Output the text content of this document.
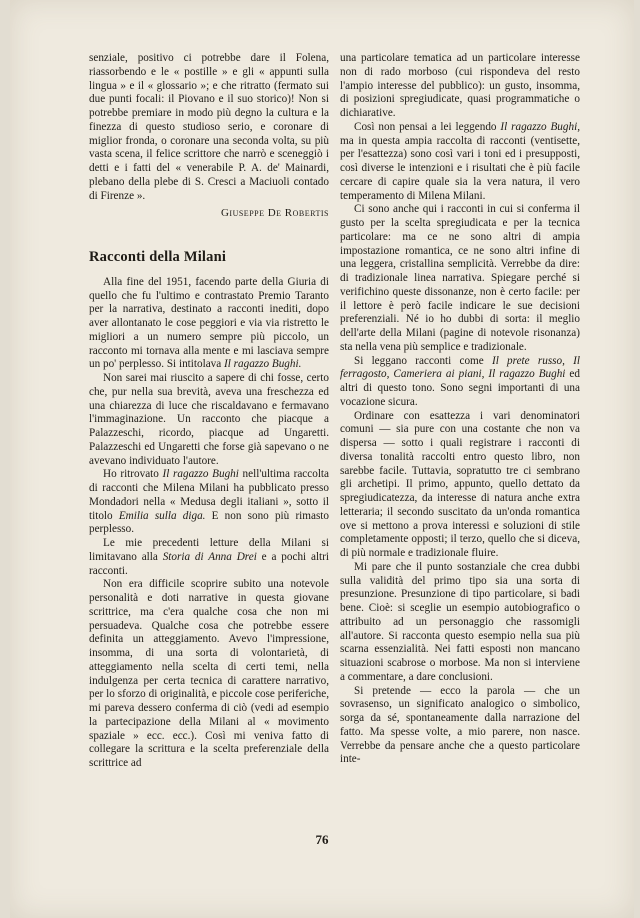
senziale, positivo ci potrebbe dare il Folena, riassorbendo e le « postille » e gli « appunti sulla lingua » e il « glossario »; e che ritratto (fermato sui due punti focali: il Piovano e il suo storico)! Non si potrebbe premiare in modo più degno la cultura e la finezza di questo studioso serio, e coronare di miglior fronda, o coronare una seconda volta, su più vasta scena, il felice scrittore che narrò e sceneggiò i detti e i fatti del « venerabile P. A. de' Mainardi, plebano della plebe di S. Cresci a Maciuoli contado di Firenze ».

Giuseppe De Robertis
Racconti della Milani

Alla fine del 1951, facendo parte della Giuria di quello che fu l'ultimo e contrastato Premio Taranto per la narrativa, destinato a racconti inediti, dopo aver allontanato le cose peggiori e via via ristretto le migliori a un numero sempre più piccolo, un racconto mi tornava alla mente e mi lasciava sempre un po' perplesso. Si intitolava Il ragazzo Bughi.

Non sarei mai riuscito a sapere di chi fosse, certo che, pur nella sua brevità, aveva una freschezza ed una chiarezza di luce che riscaldavano e fermavano l'immaginazione. Un racconto che piacque a Palazzeschi, ricordo, piacque ad Ungaretti. Palazzeschi ed Ungaretti che forse già sapevano o ne avevano individuato l'autore.

Ho ritrovato Il ragazzo Bughi nell'ultima raccolta di racconti che Milena Milani ha pubblicato presso Mondadori nella « Medusa degli italiani », sotto il titolo Emilia sulla diga. E non sono più rimasto perplesso.

Le mie precedenti letture della Milani si limitavano alla Storia di Anna Drei e a pochi altri racconti.

Non era difficile scoprire subito una notevole personalità e doti narrative in questa giovane scrittrice, ma c'era qualche cosa che non mi persuadeva. Qualche cosa che potrebbe essere definita un atteggiamento. Avevo l'impressione, insomma, di una sorta di volontarietà, di atteggiamento nella scelta di certi temi, nella indulgenza per certa tecnica di carattere narrativo, per lo sforzo di originalità, e piccole cose periferiche, mi pareva dessero conferma di ciò (vedi ad esempio la partecipazione della Milani al « movimento spaziale » ecc. ecc.). Così mi veniva fatto di collegare la scrittura e la scelta preferenziale della scrittrice ad

una particolare tematica ad un particolare interesse non di rado morboso (cui rispondeva del resto l'ampio interesse del pubblico): un gusto, insomma, di posizioni spregiudicate, quasi programmatiche o dichiarative.

Così non pensai a lei leggendo Il ragazzo Bughi, ma in questa ampia raccolta di racconti (ventisette, per l'esattezza) sono così vari i toni ed i presupposti, così diverse le intenzioni e i risultati che è più facile cercare di capire quale sia la vera natura, il vero temperamento di Milena Milani.

Ci sono anche qui i racconti in cui si conferma il gusto per la scelta spregiudicata e per la tecnica particolare: ma ce ne sono altri di ampia impostazione romantica, ce ne sono altri infine di una leggera, cristallina semplicità. Verrebbe da dire: di tradizionale linea narrativa. Spiegare perché si verifichino queste dissonanze, non è certo facile: per il lettore è però facile indicare le sue decisioni preferenziali. Né io ho dubbi di sorta: il meglio dell'arte della Milani (pagine di notevole risonanza) sta nella vena più semplice e tradizionale.

Si leggano racconti come Il prete russo, Il ferragosto, Cameriera ai piani, Il ragazzo Bughi ed altri di questo tono. Sono segni importanti di una vocazione sicura.

Ordinare con esattezza i vari denominatori comuni — sia pure con una costante che non va dispersa — sotto i quali registrare i racconti di diversa tonalità raccolti entro questo libro, non sarebbe facile. Tuttavia, sopratutto tre ci sembrano gli archetipi. Il primo, appunto, quello dettato da spregiudicatezza, da interesse di natura anche extra letteraria; il secondo suscitato da un'onda romantica ove si mettono a prova interessi e soluzioni di stile completamente opposti; il terzo, quello che si diceva, di più normale e tradizionale fluire.

Mi pare che il punto sostanziale che crea dubbi sulla validità del primo tipo sia una sorta di presunzione. Presunzione di tipo particolare, si badi bene. Cioè: si sceglie un esempio autobiografico o attribuito ad un personaggio che rassomigli all'autore. Si racconta questo esempio nella sua più scarna essenzialità. Nei fatti esposti non mancano situazioni scabrose o morbose. Ma non si interviene a commentare, a dare conclusioni.

Si pretende — ecco la parola — che un sovrasenso, un significato analogico o simbolico, sorga da sé, spontaneamente dalla narrazione del fatto. Ma spesse volte, a mio parere, non nasce. Verrebbe da pensare anche che a questo particolare inte-

76
